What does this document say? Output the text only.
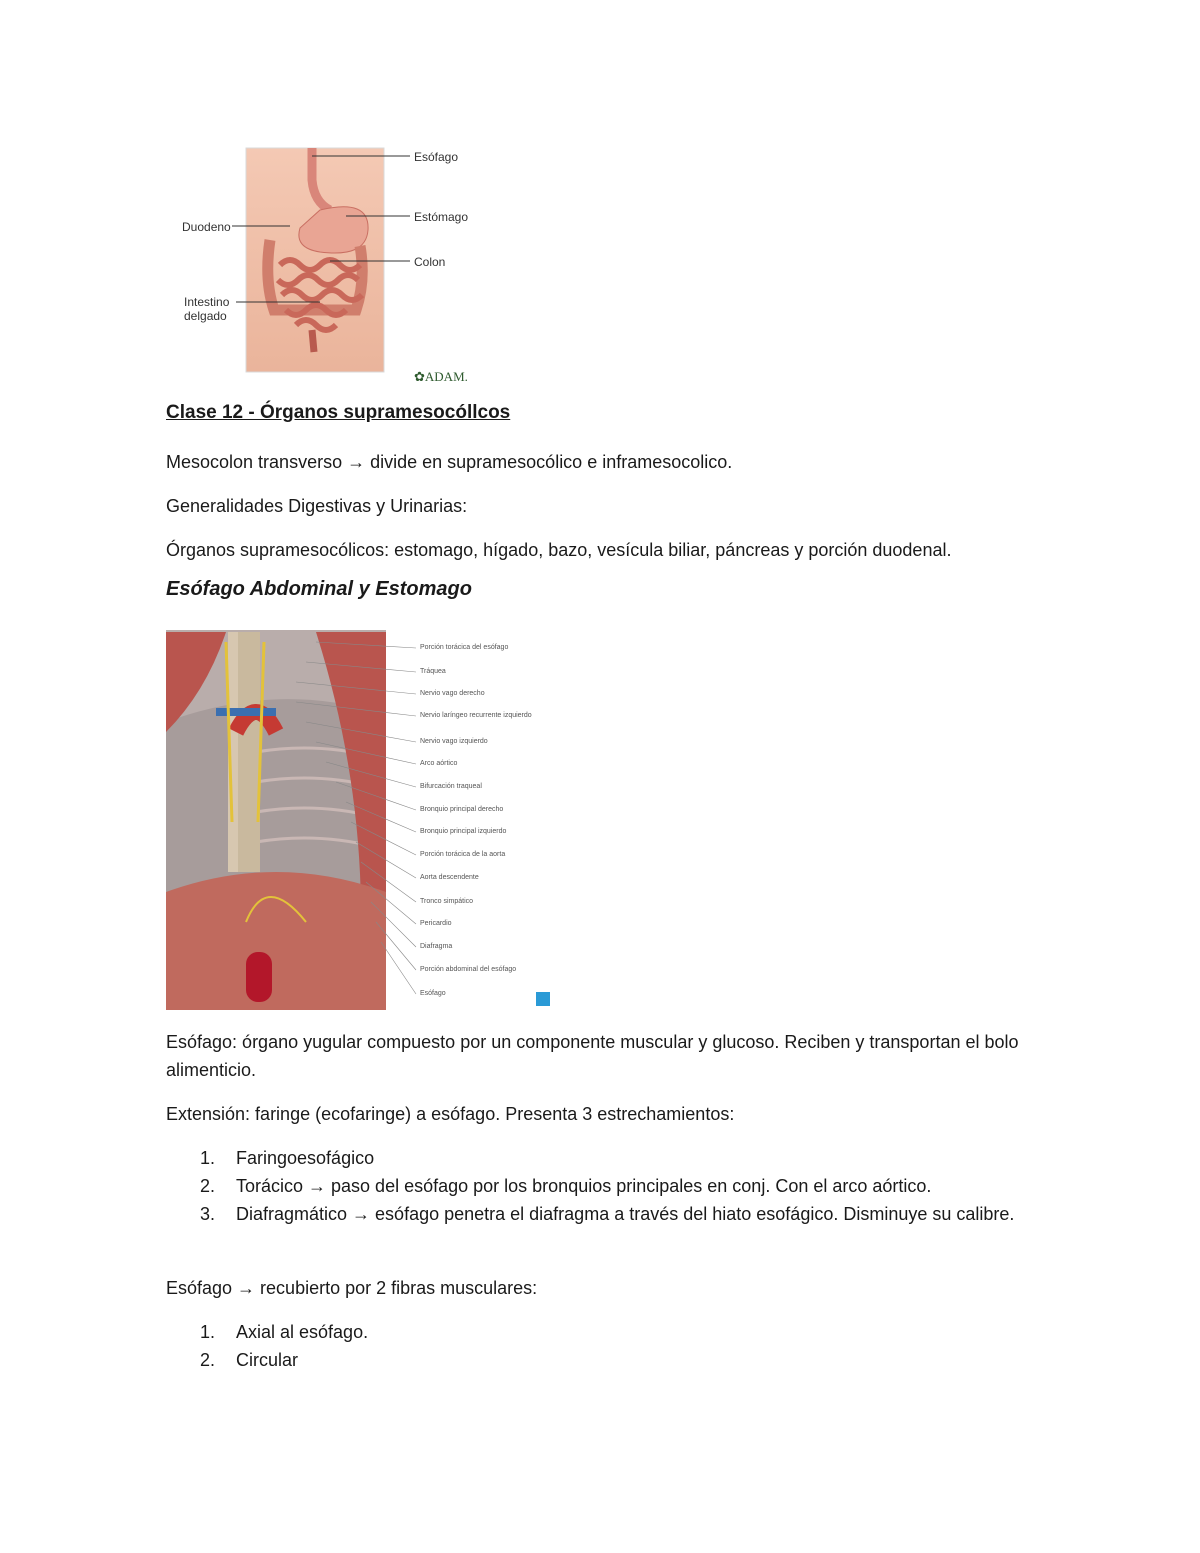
Esófago
Estómago
Colon
Duodeno
Intestino delgado
✿ADAM.
Clase 12 - Órganos supramesocóllcos
Mesocolon transverso → divide en supramesocólico e inframesocolico.
Generalidades Digestivas y Urinarias:
Órganos supramesocólicos: estomago, hígado, bazo, vesícula biliar, páncreas y porción duodenal.
Esófago Abdominal y Estomago
Porción torácica del esófago
Tráquea
Nervio vago derecho
Nervio laríngeo recurrente izquierdo
Nervio vago izquierdo
Arco aórtico
Bifurcación traqueal
Bronquio principal derecho
Bronquio principal izquierdo
Porción torácica de la aorta
Aorta descendente
Tronco simpático
Pericardio
Diafragma
Porción abdominal del esófago
Esófago
Esófago: órgano yugular compuesto por un componente muscular y glucoso. Reciben y transportan el bolo alimenticio.
Extensión: faringe (ecofaringe) a esófago. Presenta 3 estrechamientos:
1. Faringoesofágico
2. Torácico → paso del esófago por los bronquios principales en conj. Con el arco aórtico.
3. Diafragmático → esófago penetra el diafragma a través del hiato esofágico. Disminuye su calibre.
Esófago → recubierto por 2 fibras musculares:
1. Axial al esófago.
2. Circular
